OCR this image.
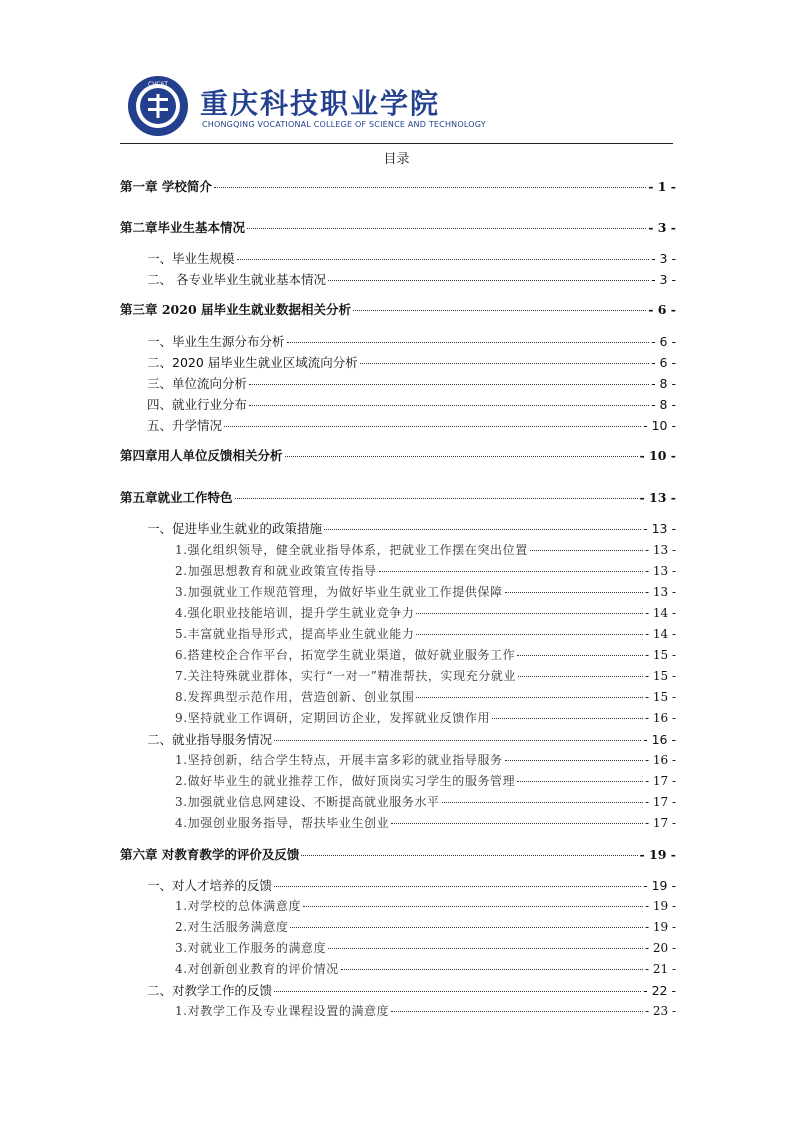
CVCST
重庆科技职业学院
CHONGQING VOCATIONAL COLLEGE OF SCIENCE AND TECHNOLOGY
目录
第一章 学校简介	- 1 -
第二章毕业生基本情况	- 3 -
一、毕业生规模	- 3 -
二、 各专业毕业生就业基本情况	- 3 -
第三章 2020 届毕业生就业数据相关分析	- 6 -
一、毕业生生源分布分析	- 6 -
二、2020 届毕业生就业区域流向分析	- 6 -
三、单位流向分析	- 8 -
四、就业行业分布	- 8 -
五、升学情况	- 10 -
第四章用人单位反馈相关分析	- 10 -
第五章就业工作特色	- 13 -
一、促进毕业生就业的政策措施	- 13 -
1.强化组织领导，健全就业指导体系，把就业工作摆在突出位置	- 13 -
2.加强思想教育和就业政策宣传指导	- 13 -
3.加强就业工作规范管理，为做好毕业生就业工作提供保障	- 13 -
4.强化职业技能培训，提升学生就业竞争力	- 14 -
5.丰富就业指导形式，提高毕业生就业能力	- 14 -
6.搭建校企合作平台，拓宽学生就业渠道，做好就业服务工作	- 15 -
7.关注特殊就业群体，实行“一对一”精准帮扶，实现充分就业	- 15 -
8.发挥典型示范作用，营造创新、创业氛围	- 15 -
9.坚持就业工作调研，定期回访企业，发挥就业反馈作用	- 16 -
二、就业指导服务情况	- 16 -
1.坚持创新，结合学生特点，开展丰富多彩的就业指导服务	- 16 -
2.做好毕业生的就业推荐工作，做好顶岗实习学生的服务管理	- 17 -
3.加强就业信息网建设、不断提高就业服务水平	- 17 -
4.加强创业服务指导，帮扶毕业生创业	- 17 -
第六章 对教育教学的评价及反馈	- 19 -
一、对人才培养的反馈	- 19 -
1.对学校的总体满意度	- 19 -
2.对生活服务满意度	- 19 -
3.对就业工作服务的满意度	- 20 -
4.对创新创业教育的评价情况	- 21 -
二、对教学工作的反馈	- 22 -
1.对教学工作及专业课程设置的满意度	- 23 -
